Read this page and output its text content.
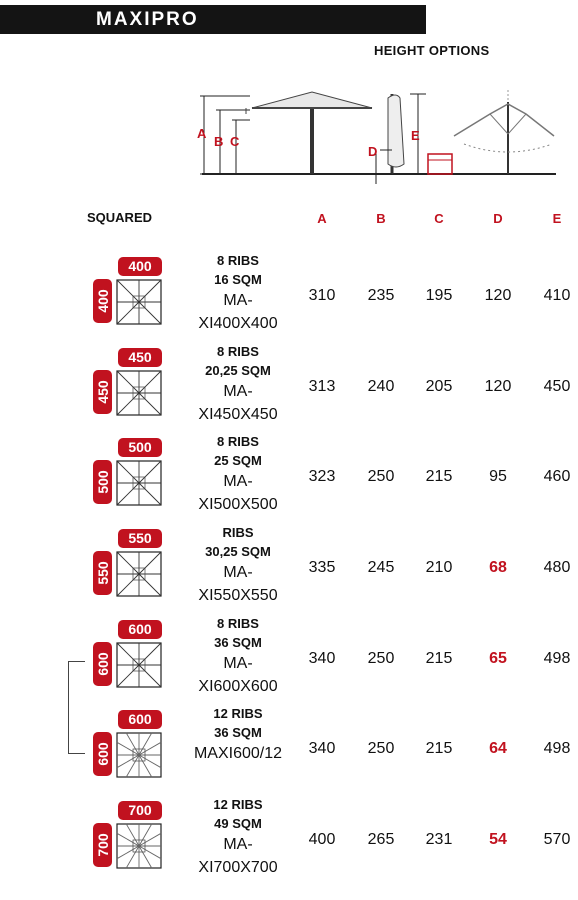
MAXIPRO
HEIGHT OPTIONS
A
B C
D
E
SQUARED	A	B	C	D	E
400
400
8 RIBS
16 SQM
MA-
XI400X400
310	235	195	120	410
450
450
8 RIBS
20,25 SQM
MA-
XI450X450
313	240	205	120	450
500
500
8 RIBS
25 SQM
MA-
XI500X500
323	250	215	95	460
550
550
RIBS
30,25 SQM
MA-
XI550X550
335	245	210	68	480
600
600
8 RIBS
36 SQM
MA-
XI600X600
340	250	215	65	498
600
600
12 RIBS
36 SQM
MAXI600/12	340	250	215	64	498
700
700
12 RIBS
49 SQM
MA-
XI700X700
400	265	231	54	570
